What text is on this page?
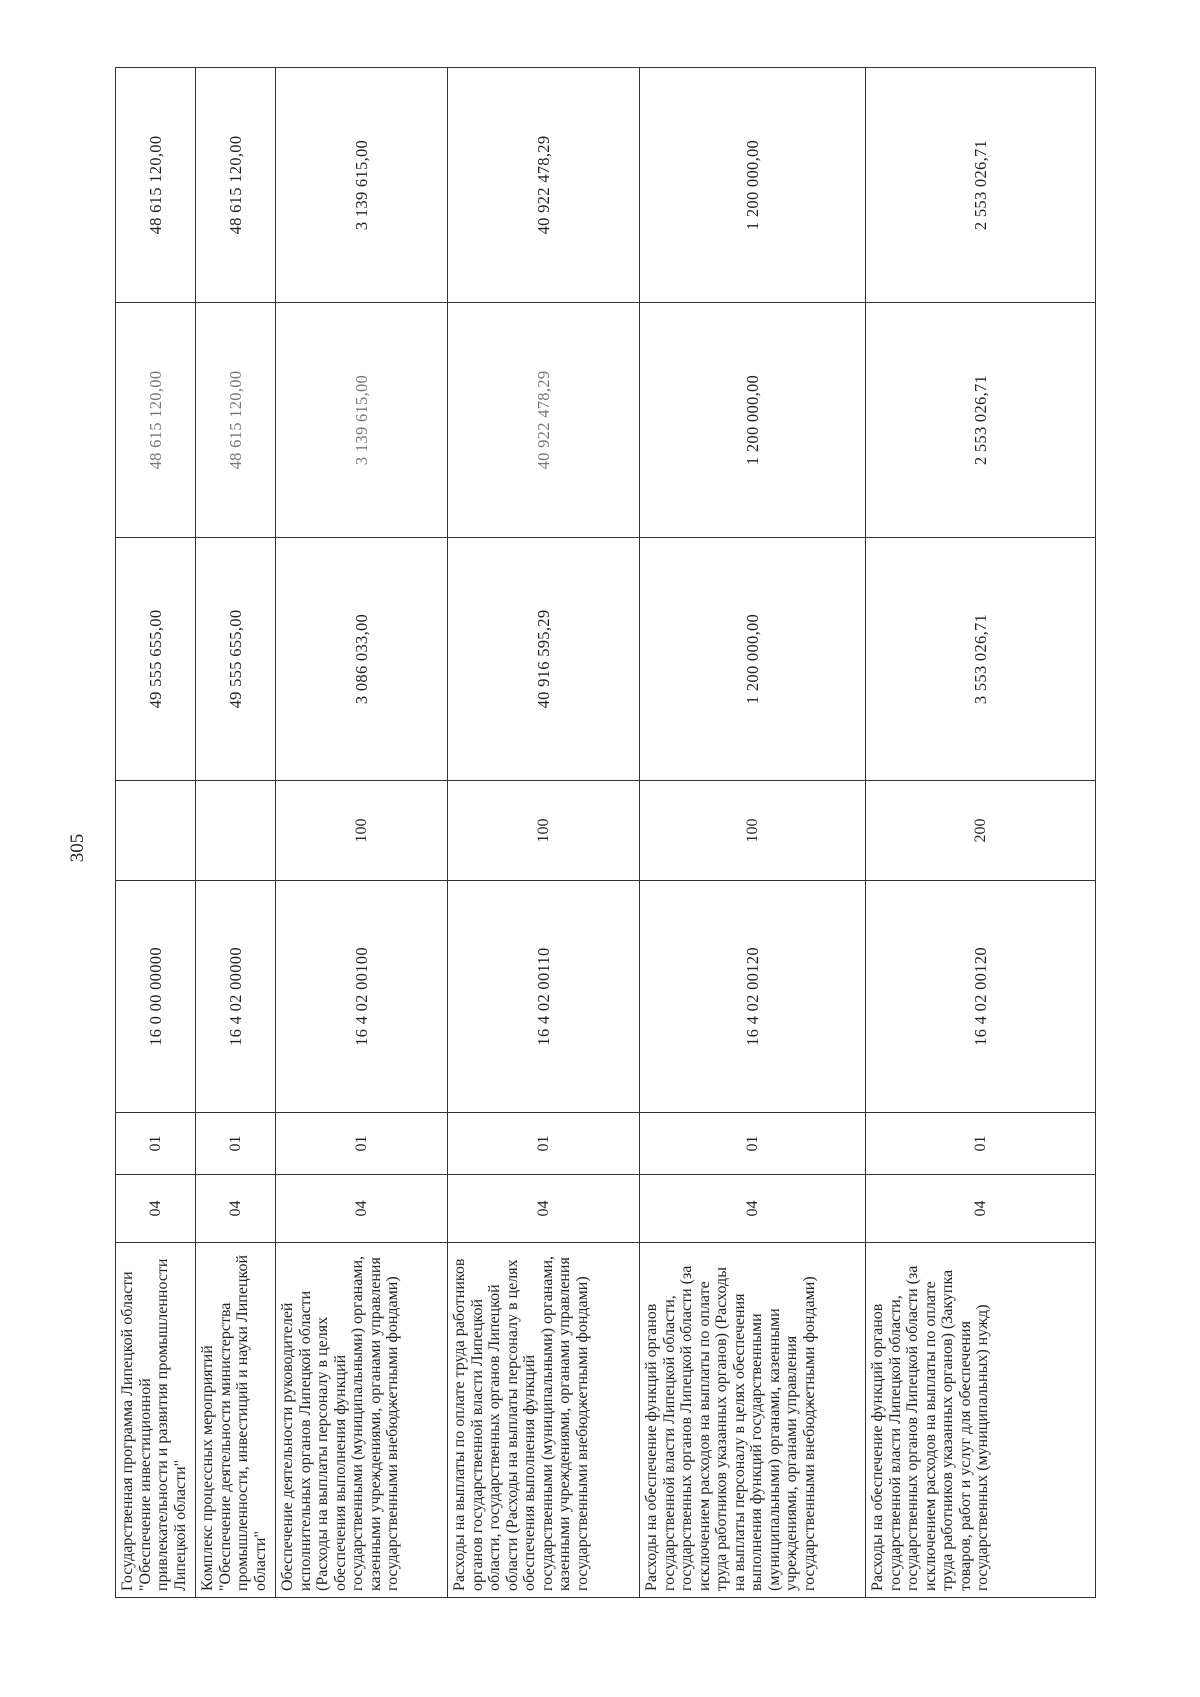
305
Государственная программа Липецкой области "Обеспечение инвестиционной привлекательности и развития промышленности Липецкой области"	04	01	16 0 00 00000		49 555 655,00	48 615 120,00	48 615 120,00
Комплекс процессных мероприятий "Обеспечение деятельности министерства промышленности, инвестиций и науки Липецкой области"	04	01	16 4 02 00000		49 555 655,00	48 615 120,00	48 615 120,00
Обеспечение деятельности руководителей исполнительных органов Липецкой области (Расходы на выплаты персоналу в целях обеспечения выполнения функций государственными (муниципальными) органами, казенными учреждениями, органами управления государственными внебюджетными фондами)	04	01	16 4 02 00100	100	3 086 033,00	3 139 615,00	3 139 615,00
Расходы на выплаты по оплате труда работников органов государственной власти Липецкой области, государственных органов Липецкой области (Расходы на выплаты персоналу в целях обеспечения выполнения функций государственными (муниципальными) органами, казенными учреждениями, органами управления государственными внебюджетными фондами)	04	01	16 4 02 00110	100	40 916 595,29	40 922 478,29	40 922 478,29
Расходы на обеспечение функций органов государственной власти Липецкой области, государственных органов Липецкой области (за исключением расходов на выплаты по оплате труда работников указанных органов) (Расходы на выплаты персоналу в целях обеспечения выполнения функций государственными (муниципальными) органами, казенными учреждениями, органами управления государственными внебюджетными фондами)	04	01	16 4 02 00120	100	1 200 000,00	1 200 000,00	1 200 000,00
Расходы на обеспечение функций органов государственной власти Липецкой области, государственных органов Липецкой области (за исключением расходов на выплаты по оплате труда работников указанных органов) (Закупка товаров, работ и услуг для обеспечения государственных (муниципальных) нужд)	04	01	16 4 02 00120	200	3 553 026,71	2 553 026,71	2 553 026,71
